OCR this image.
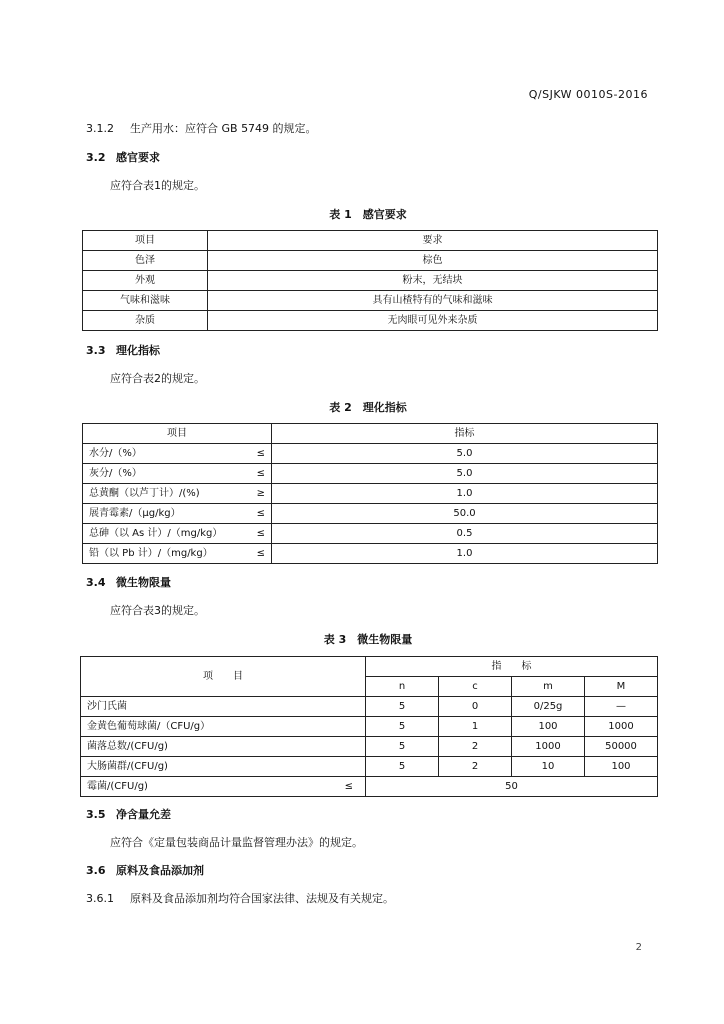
Q/SJKW 0010S-2016
3.1.2 生产用水：应符合 GB 5749 的规定。
3.2 感官要求
应符合表1的规定。
表 1　感官要求
项目	要求
色泽	棕色
外观	粉末，无结块
气味和滋味	具有山楂特有的气味和滋味
杂质	无肉眼可见外来杂质
3.3 理化指标
应符合表2的规定。
表 2　理化指标
项目	指标
水分/（%） ≤	5.0
灰分/（%） ≤	5.0
总黄酮（以芦丁计）/(%) ≥	1.0
展青霉素/（μg/kg） ≤	50.0
总砷（以 As 计）/（mg/kg） ≤	0.5
铅（以 Pb 计）/（mg/kg） ≤	1.0
3.4 微生物限量
应符合表3的规定。
表 3　微生物限量
项　　目	指　　标			
	n	c	m	M
沙门氏菌	5	0	0/25g	—
金黄色葡萄球菌/（CFU/g）	5	1	100	1000
菌落总数/(CFU/g)	5	2	1000	50000
大肠菌群/(CFU/g)	5	2	10	100
霉菌/(CFU/g) ≤	50			
3.5 净含量允差
应符合《定量包装商品计量监督管理办法》的规定。
3.6 原料及食品添加剂
3.6.1 原料及食品添加剂均符合国家法律、法规及有关规定。
2
